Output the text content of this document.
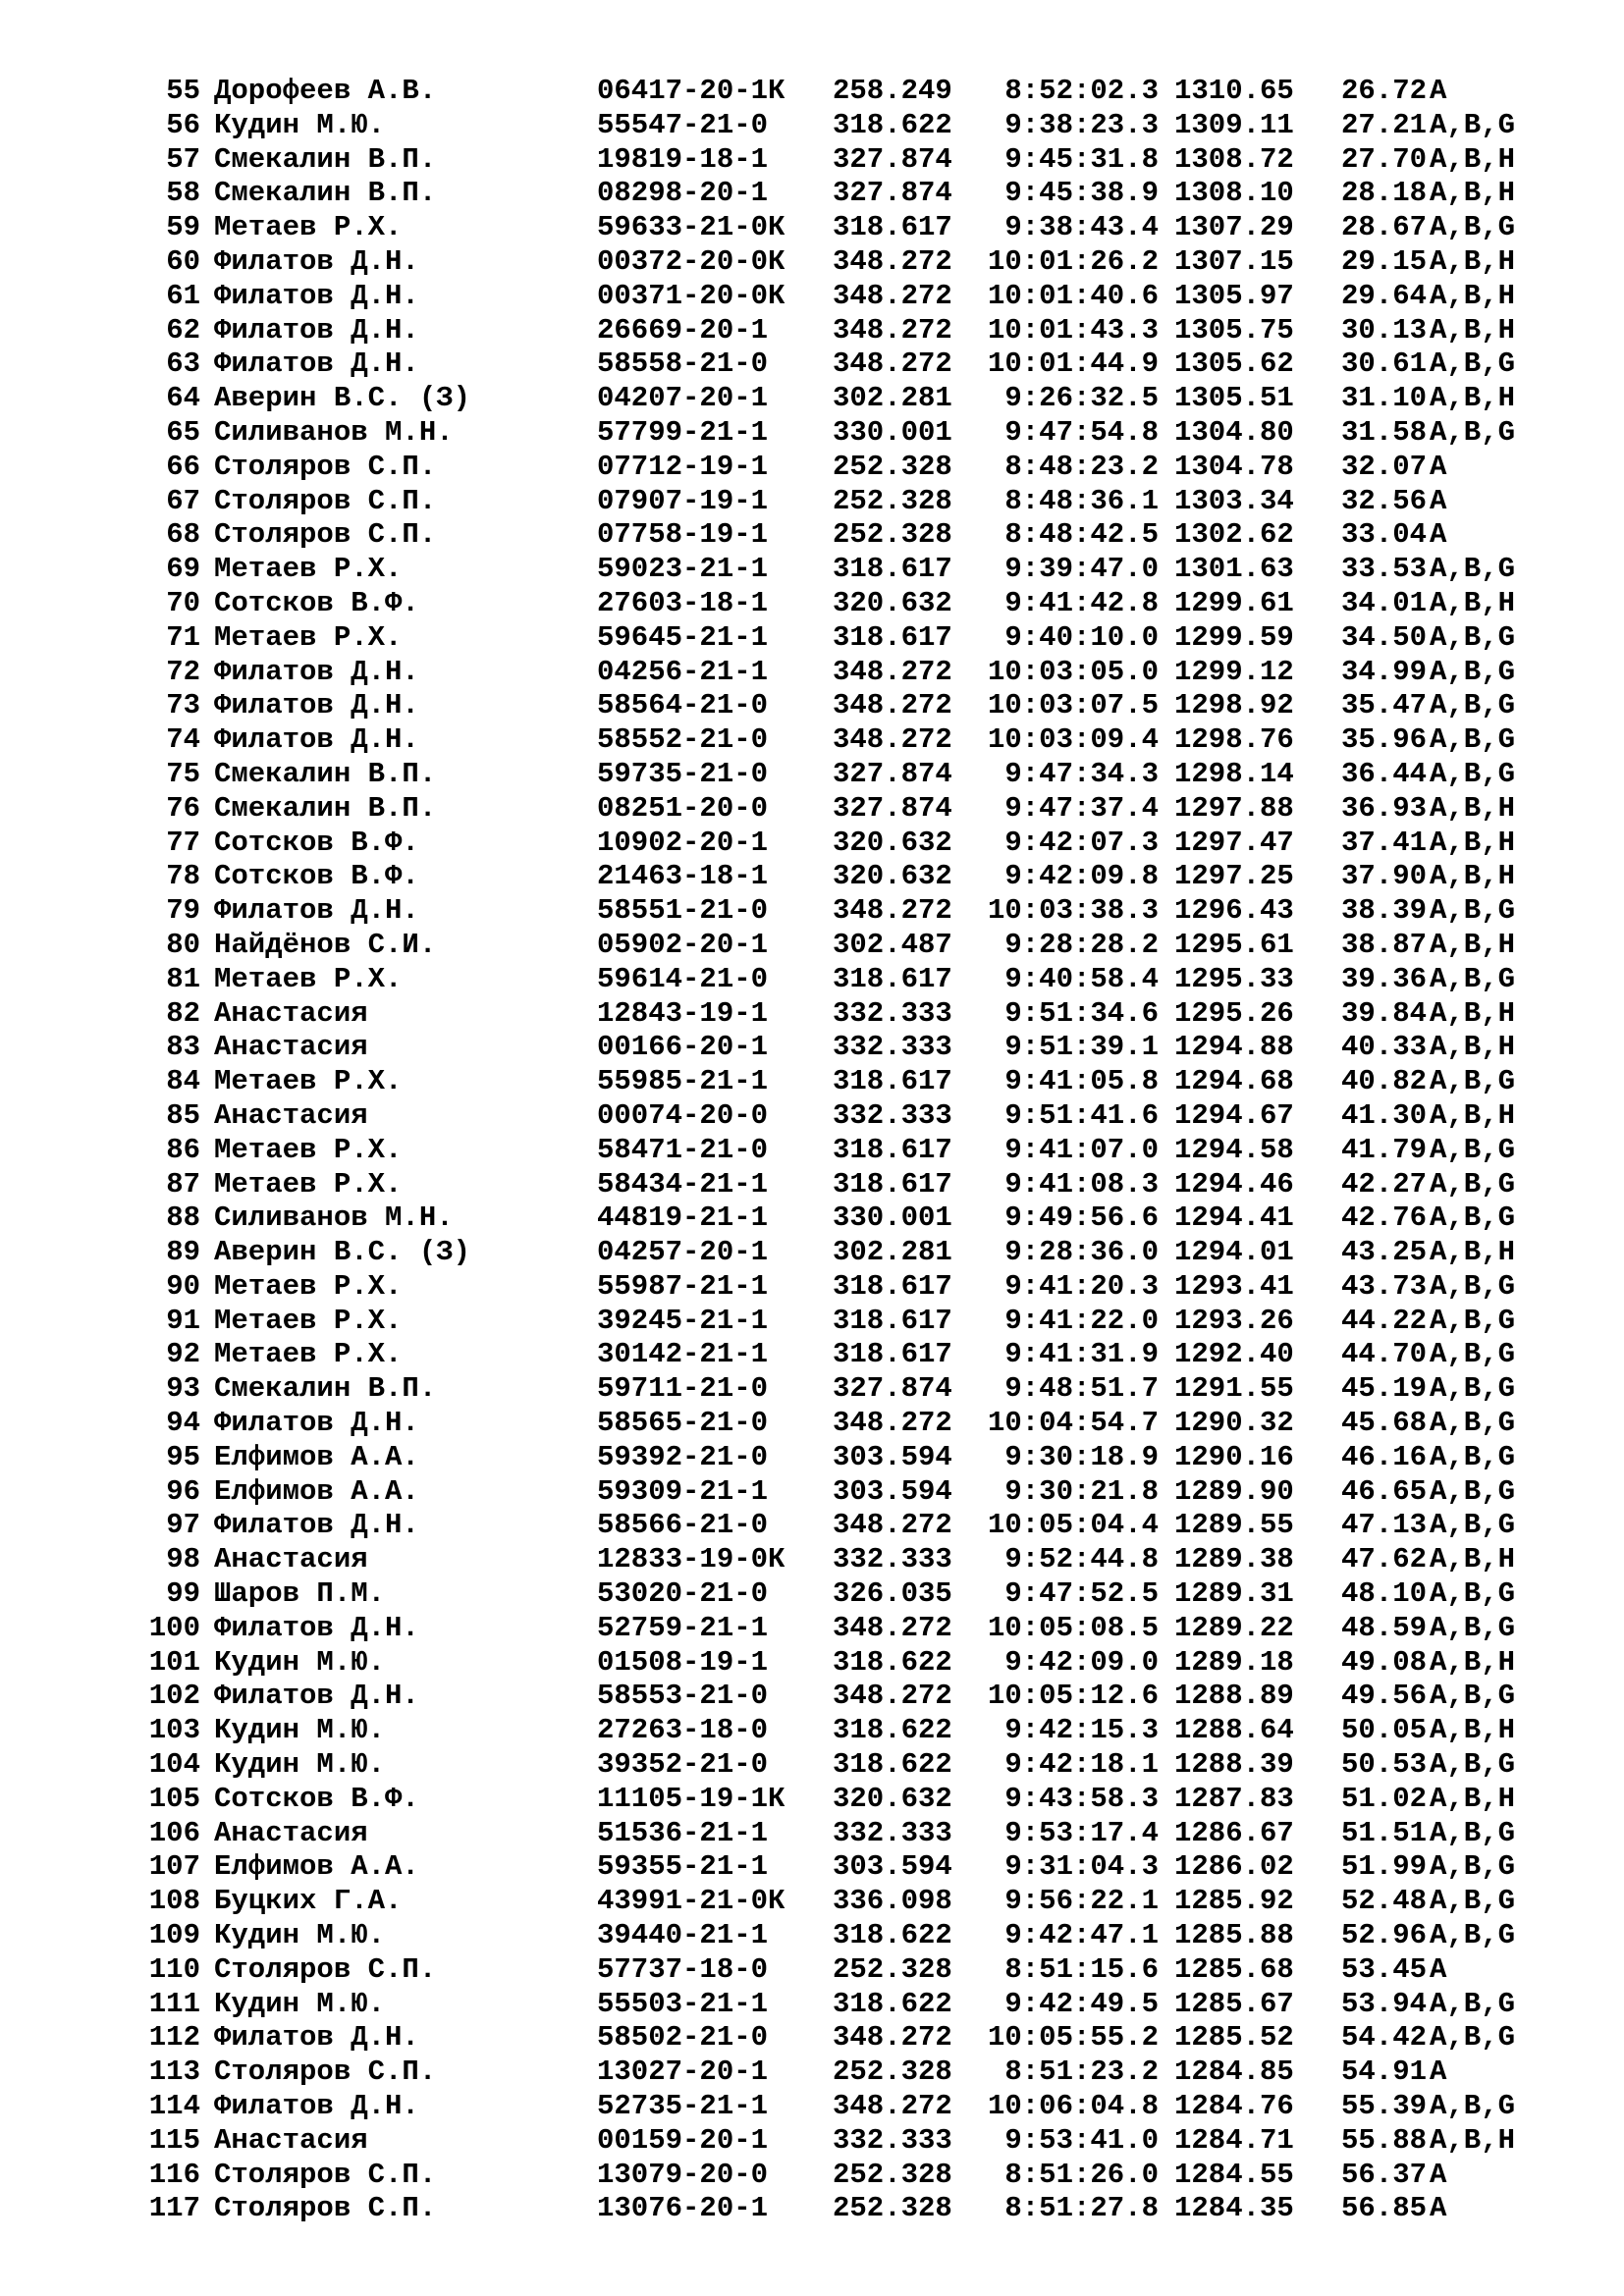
55 Дорофеев А.В.	06417-20-1К 258.249	8:52:02.3 1310.65 26.72 A
56 Кудин М.Ю.	55547-21-0 318.622	9:38:23.3 1309.11 27.21 A,B,G
57 Смекалин В.П.	19819-18-1 327.874	9:45:31.8 1308.72 27.70 A,B,H
58 Смекалин В.П.	08298-20-1 327.874	9:45:38.9 1308.10 28.18 A,B,H
59 Метаев Р.Х.	59633-21-0К 318.617	9:38:43.4 1307.29 28.67 A,B,G
60 Филатов Д.Н.	00372-20-0К 348.272	10:01:26.2 1307.15 29.15 A,B,H
61 Филатов Д.Н.	00371-20-0К 348.272	10:01:40.6 1305.97 29.64 A,B,H
62 Филатов Д.Н.	26669-20-1 348.272	10:01:43.3 1305.75 30.13 A,B,H
63 Филатов Д.Н.	58558-21-0 348.272	10:01:44.9 1305.62 30.61 A,B,G
64 Аверин В.С. (З)	04207-20-1 302.281	9:26:32.5 1305.51 31.10 A,B,H
65 Силиванов М.Н.	57799-21-1 330.001	9:47:54.8 1304.80 31.58 A,B,G
66 Столяров С.П.	07712-19-1 252.328	8:48:23.2 1304.78 32.07 A
67 Столяров С.П.	07907-19-1 252.328	8:48:36.1 1303.34 32.56 A
68 Столяров С.П.	07758-19-1 252.328	8:48:42.5 1302.62 33.04 A
69 Метаев Р.Х.	59023-21-1 318.617	9:39:47.0 1301.63 33.53 A,B,G
70 Сотсков В.Ф.	27603-18-1 320.632	9:41:42.8 1299.61 34.01 A,B,H
71 Метаев Р.Х.	59645-21-1 318.617	9:40:10.0 1299.59 34.50 A,B,G
72 Филатов Д.Н.	04256-21-1 348.272	10:03:05.0 1299.12 34.99 A,B,G
73 Филатов Д.Н.	58564-21-0 348.272	10:03:07.5 1298.92 35.47 A,B,G
74 Филатов Д.Н.	58552-21-0 348.272	10:03:09.4 1298.76 35.96 A,B,G
75 Смекалин В.П.	59735-21-0 327.874	9:47:34.3 1298.14 36.44 A,B,G
76 Смекалин В.П.	08251-20-0 327.874	9:47:37.4 1297.88 36.93 A,B,H
77 Сотсков В.Ф.	10902-20-1 320.632	9:42:07.3 1297.47 37.41 A,B,H
78 Сотсков В.Ф.	21463-18-1 320.632	9:42:09.8 1297.25 37.90 A,B,H
79 Филатов Д.Н.	58551-21-0 348.272	10:03:38.3 1296.43 38.39 A,B,G
80 Найдёнов С.И.	05902-20-1 302.487	9:28:28.2 1295.61 38.87 A,B,H
81 Метаев Р.Х.	59614-21-0 318.617	9:40:58.4 1295.33 39.36 A,B,G
82 Анастасия	12843-19-1 332.333	9:51:34.6 1295.26 39.84 A,B,H
83 Анастасия	00166-20-1 332.333	9:51:39.1 1294.88 40.33 A,B,H
84 Метаев Р.Х.	55985-21-1 318.617	9:41:05.8 1294.68 40.82 A,B,G
85 Анастасия	00074-20-0 332.333	9:51:41.6 1294.67 41.30 A,B,H
86 Метаев Р.Х.	58471-21-0 318.617	9:41:07.0 1294.58 41.79 A,B,G
87 Метаев Р.Х.	58434-21-1 318.617	9:41:08.3 1294.46 42.27 A,B,G
88 Силиванов М.Н.	44819-21-1 330.001	9:49:56.6 1294.41 42.76 A,B,G
89 Аверин В.С. (З)	04257-20-1 302.281	9:28:36.0 1294.01 43.25 A,B,H
90 Метаев Р.Х.	55987-21-1 318.617	9:41:20.3 1293.41 43.73 A,B,G
91 Метаев Р.Х.	39245-21-1 318.617	9:41:22.0 1293.26 44.22 A,B,G
92 Метаев Р.Х.	30142-21-1 318.617	9:41:31.9 1292.40 44.70 A,B,G
93 Смекалин В.П.	59711-21-0 327.874	9:48:51.7 1291.55 45.19 A,B,G
94 Филатов Д.Н.	58565-21-0 348.272	10:04:54.7 1290.32 45.68 A,B,G
95 Елфимов А.А.	59392-21-0 303.594	9:30:18.9 1290.16 46.16 A,B,G
96 Елфимов А.А.	59309-21-1 303.594	9:30:21.8 1289.90 46.65 A,B,G
97 Филатов Д.Н.	58566-21-0 348.272	10:05:04.4 1289.55 47.13 A,B,G
98 Анастасия	12833-19-0К 332.333	9:52:44.8 1289.38 47.62 A,B,H
99 Шаров П.М.	53020-21-0 326.035	9:47:52.5 1289.31 48.10 A,B,G
100 Филатов Д.Н.	52759-21-1 348.272	10:05:08.5 1289.22 48.59 A,B,G
101 Кудин М.Ю.	01508-19-1 318.622	9:42:09.0 1289.18 49.08 A,B,H
102 Филатов Д.Н.	58553-21-0 348.272	10:05:12.6 1288.89 49.56 A,B,G
103 Кудин М.Ю.	27263-18-0 318.622	9:42:15.3 1288.64 50.05 A,B,H
104 Кудин М.Ю.	39352-21-0 318.622	9:42:18.1 1288.39 50.53 A,B,G
105 Сотсков В.Ф.	11105-19-1К 320.632	9:43:58.3 1287.83 51.02 A,B,H
106 Анастасия	51536-21-1 332.333	9:53:17.4 1286.67 51.51 A,B,G
107 Елфимов А.А.	59355-21-1 303.594	9:31:04.3 1286.02 51.99 A,B,G
108 Буцких Г.А.	43991-21-0К 336.098	9:56:22.1 1285.92 52.48 A,B,G
109 Кудин М.Ю.	39440-21-1 318.622	9:42:47.1 1285.88 52.96 A,B,G
110 Столяров С.П.	57737-18-0 252.328	8:51:15.6 1285.68 53.45 A
111 Кудин М.Ю.	55503-21-1 318.622	9:42:49.5 1285.67 53.94 A,B,G
112 Филатов Д.Н.	58502-21-0 348.272	10:05:55.2 1285.52 54.42 A,B,G
113 Столяров С.П.	13027-20-1 252.328	8:51:23.2 1284.85 54.91 A
114 Филатов Д.Н.	52735-21-1 348.272	10:06:04.8 1284.76 55.39 A,B,G
115 Анастасия	00159-20-1 332.333	9:53:41.0 1284.71 55.88 A,B,H
116 Столяров С.П.	13079-20-0 252.328	8:51:26.0 1284.55 56.37 A
117 Столяров С.П.	13076-20-1 252.328	8:51:27.8 1284.35 56.85 A
